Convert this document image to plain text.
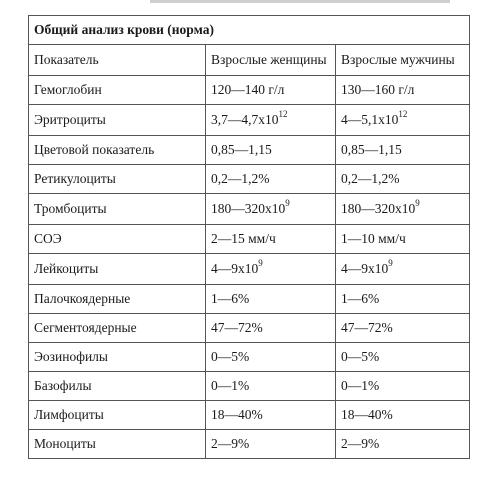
Общий анализ крови (норма)		
Показатель	Взрослые женщины	Взрослые мужчины
Гемоглобин	120—140 г/л	130—160 г/л
Эритроциты	$3,7—4,7x10^{12}$	$4—5,1x10^{12}$
Цветовой показатель	0,85—1,15	0,85—1,15
Ретикулоциты	0,2—1,2%	0,2—1,2%
Тромбоциты	$180—320x10^9$	$180—320x10^9$
СОЭ	2—15 мм/ч	1—10 мм/ч
Лейкоциты	$4—9x10^9$	$4—9x10^9$
Палочкоядерные	1—6%	1—6%
Сегментоядерные	47—72%	47—72%
Эозинофилы	0—5%	0—5%
Базофилы	0—1%	0—1%
Лимфоциты	18—40%	18—40%
Моноциты	2—9%	2—9%
